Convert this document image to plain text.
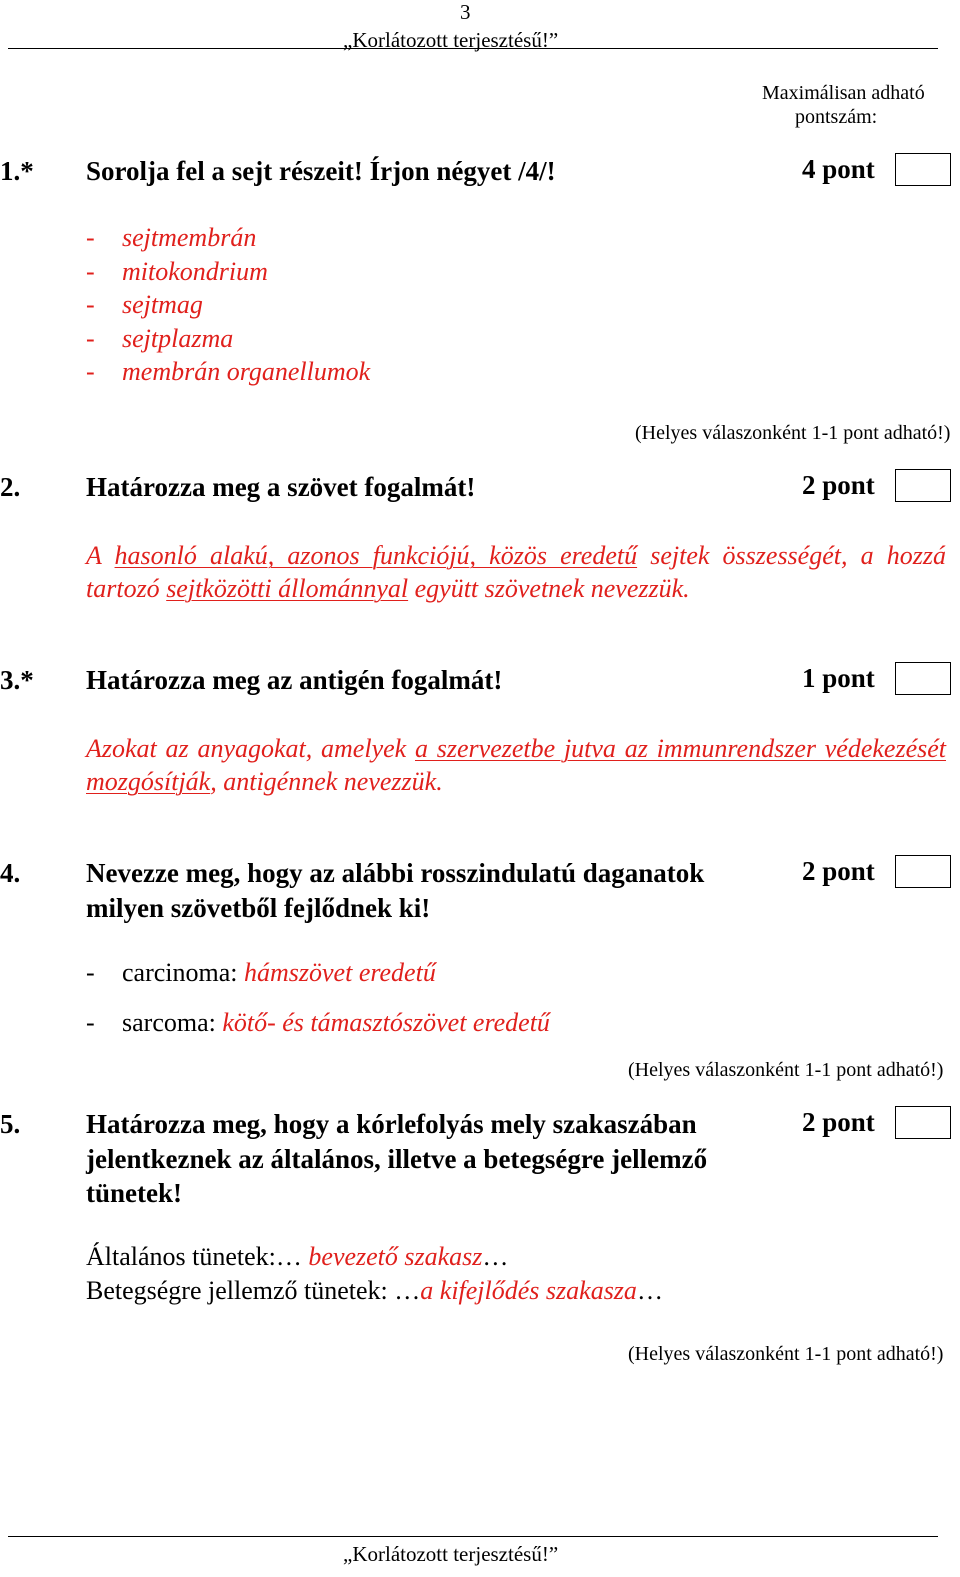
3
„Korlátozott terjesztésű!”
Maximálisan adható
pontszám:
1.* Sorolja fel a sejt részeit! Írjon négyet /4/!	4 pont
- sejtmembrán
- mitokondrium
- sejtmag
- sejtplazma
- membrán organellumok
(Helyes válaszonként 1-1 pont adható!)
2. Határozza meg a szövet fogalmát!	2 pont
A hasonló alakú, azonos funkciójú, közös eredetű sejtek összességét, a hozzá tartozó sejtközötti állománnyal együtt szövetnek nevezzük.
3.* Határozza meg az antigén fogalmát!	1 pont
Azokat az anyagokat, amelyek a szervezetbe jutva az immunrendszer védekezését mozgósítják, antigénnek nevezzük.
4. Nevezze meg, hogy az alábbi rosszindulatú daganatok
milyen szövetből fejlődnek ki!
2 pont
- carcinoma: hámszövet eredetű
- sarcoma: kötő- és támasztószövet eredetű
(Helyes válaszonként 1-1 pont adható!)
5. Határozza meg, hogy a kórlefolyás mely szakaszában
jelentkeznek az általános, illetve a betegségre jellemző
tünetek!
2 pont
Általános tünetek:… bevezető szakasz…
Betegségre jellemző tünetek: …a kifejlődés szakasza…
(Helyes válaszonként 1-1 pont adható!)
„Korlátozott terjesztésű!”
